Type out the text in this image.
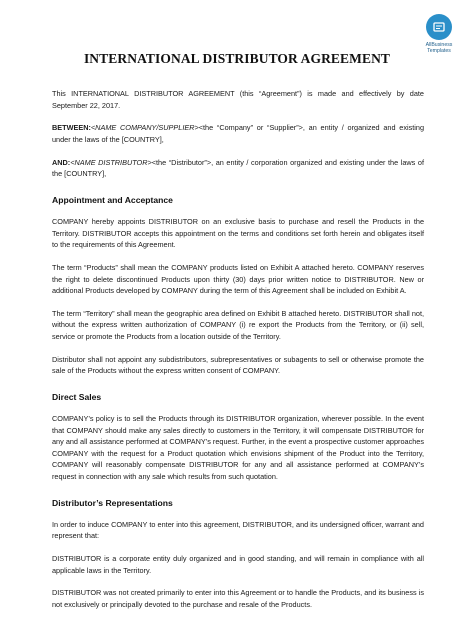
AllBusiness
Templates
INTERNATIONAL DISTRIBUTOR AGREEMENT

This INTERNATIONAL DISTRIBUTOR AGREEMENT (this “Agreement”) is made and effectively by date September 22, 2017.

BETWEEN:<NAME COMPANY/SUPPLIER><the “Company” or “Supplier”>, an entity / organized and existing under the laws of the [COUNTRY],

AND:<NAME DISTRIBUTOR><the “Distributor”>, an entity / corporation organized and existing under the laws of the [COUNTRY],

Appointment and Acceptance

COMPANY hereby appoints DISTRIBUTOR on an exclusive basis to purchase and resell the Products in the Territory. DISTRIBUTOR accepts this appointment on the terms and conditions set forth herein and obligates itself to the requirements of this Agreement.

The term “Products” shall mean the COMPANY products listed on Exhibit A attached hereto. COMPANY reserves the right to delete discontinued Products upon thirty (30) days prior written notice to DISTRIBUTOR. New or additional Products developed by COMPANY during the term of this Agreement shall be included on Exhibit A.

The term “Territory” shall mean the geographic area defined on Exhibit B attached hereto. DISTRIBUTOR shall not, without the express written authorization of COMPANY (i) re export the Products from the Territory, or (ii) sell, service or promote the Products from a location outside of the Territory.

Distributor shall not appoint any subdistributors, subrepresentatives or subagents to sell or otherwise promote the sale of the Products without the express written consent of COMPANY.

Direct Sales

COMPANY’s policy is to sell the Products through its DISTRIBUTOR organization, wherever possible. In the event that COMPANY should make any sales directly to customers in the Territory, it will compensate DISTRIBUTOR for any and all assistance performed at COMPANY’s request. Further, in the event a prospective customer approaches COMPANY with the request for a Product quotation which envisions shipment of the Product into the Territory, COMPANY will reasonably compensate DISTRIBUTOR for any and all assistance performed at COMPANY’s request in connection with any sale which results from such quotation.

Distributor’s Representations

In order to induce COMPANY to enter into this agreement, DISTRIBUTOR, and its undersigned officer, warrant and represent that:

DISTRIBUTOR is a corporate entity duly organized and in good standing, and will remain in compliance with all applicable laws in the Territory.

DISTRIBUTOR was not created primarily to enter into this Agreement or to handle the Products, and its business is not exclusively or principally devoted to the purchase and resale of the Products.
